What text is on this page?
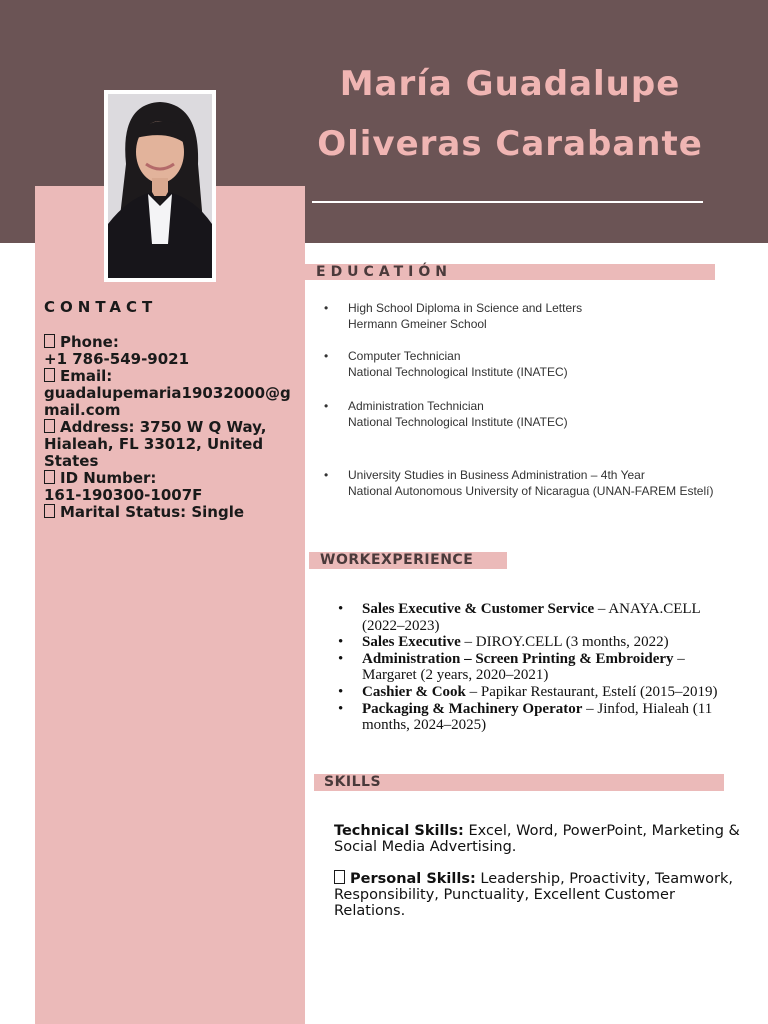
María Guadalupe
Oliveras Carabante
CONTACT
Phone:
+1 786-549-9021
Email:
guadalupemaria19032000@gmail.com
Address: 3750 W Q Way, Hialeah, FL 33012, United States
ID Number:
161-190300-1007F
Marital Status: Single
EDUCATIÓN
• High School Diploma in Science and Letters
Hermann Gmeiner School
• Computer Technician
National Technological Institute (INATEC)
• Administration Technician
National Technological Institute (INATEC)
• University Studies in Business Administration – 4th Year
National Autonomous University of Nicaragua (UNAN-FAREM Estelí)
WORKEXPERIENCE
• Sales Executive & Customer Service – ANAYA.CELL (2022–2023)
• Sales Executive – DIROY.CELL (3 months, 2022)
• Administration – Screen Printing & Embroidery – Margaret (2 years, 2020–2021)
• Cashier & Cook – Papikar Restaurant, Estelí (2015–2019)
• Packaging & Machinery Operator – Jinfod, Hialeah (11 months, 2024–2025)
SKILLS

Technical Skills: Excel, Word, PowerPoint, Marketing & Social Media Advertising.

Personal Skills: Leadership, Proactivity, Teamwork, Responsibility, Punctuality, Excellent Customer Relations.
